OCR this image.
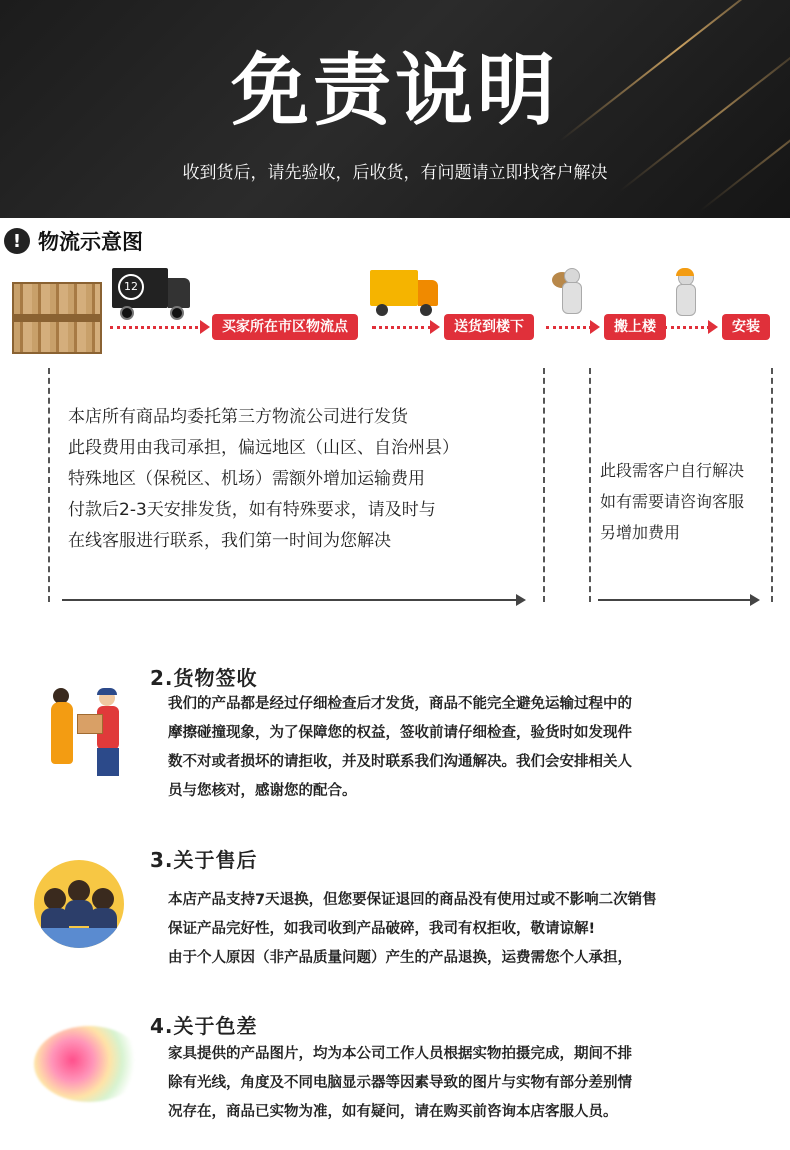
免责说明
收到货后，请先验收，后收货，有问题请立即找客户解决
! 物流示意图
12
买家所在市区物流点	送货到楼下	搬上楼	安装
本店所有商品均委托第三方物流公司进行发货
此段费用由我司承担，偏远地区（山区、自治州县）
特殊地区（保税区、机场）需额外增加运输费用
付款后2-3天安排发货，如有特殊要求，请及时与
在线客服进行联系，我们第一时间为您解决
此段需客户自行解决
如有需要请咨询客服
另增加费用
2.货物签收
我们的产品都是经过仔细检查后才发货，商品不能完全避免运输过程中的
摩擦碰撞现象，为了保障您的权益，签收前请仔细检查，验货时如发现件
数不对或者损坏的请拒收，并及时联系我们沟通解决。我们会安排相关人
员与您核对，感谢您的配合。
3.关于售后
本店产品支持7天退换，但您要保证退回的商品没有使用过或不影响二次销售
保证产品完好性，如我司收到产品破碎，我司有权拒收，敬请谅解!
由于个人原因（非产品质量问题）产生的产品退换，运费需您个人承担，
4.关于色差
家具提供的产品图片，均为本公司工作人员根据实物拍摄完成，期间不排
除有光线，角度及不同电脑显示器等因素导致的图片与实物有部分差别情
况存在，商品已实物为准，如有疑问，请在购买前咨询本店客服人员。
